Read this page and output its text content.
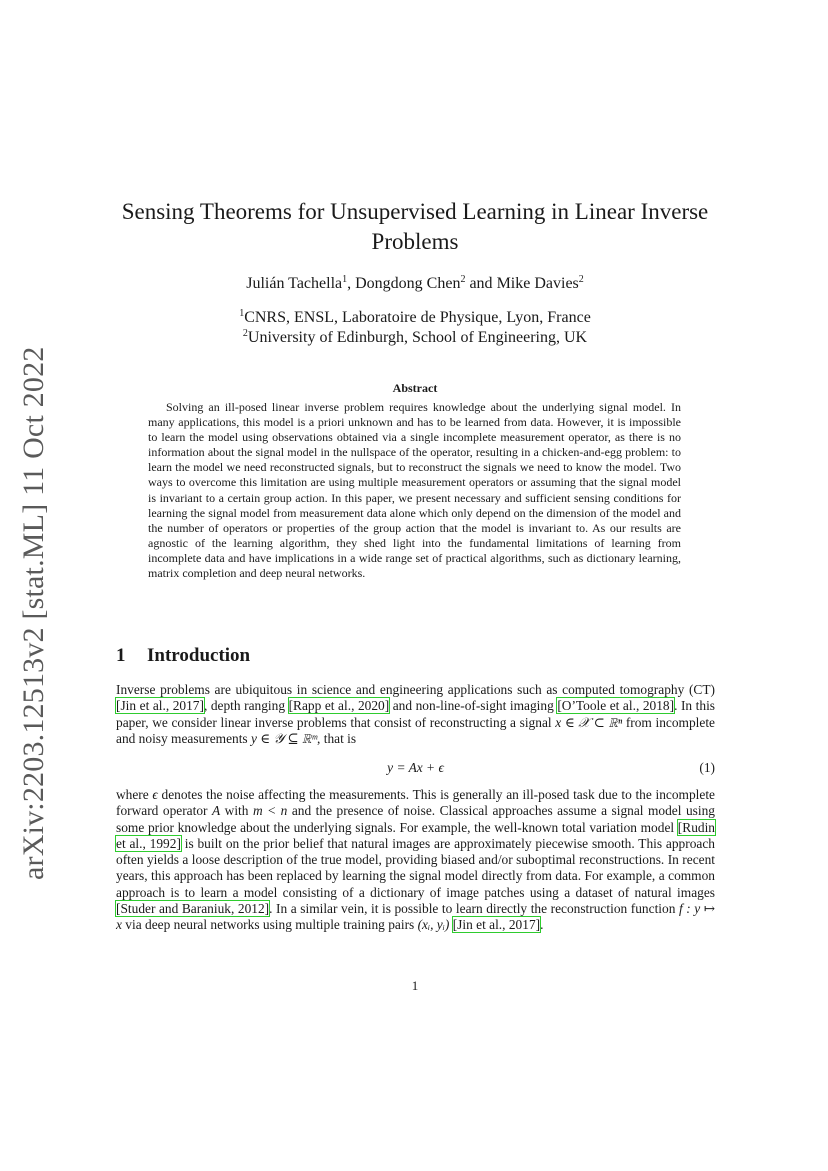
arXiv:2203.12513v2 [stat.ML] 11 Oct 2022
Sensing Theorems for Unsupervised Learning in Linear Inverse Problems
Julián Tachella$^1$, Dongdong Chen$^2$ and Mike Davies$^2$
$^1$CNRS, ENSL, Laboratoire de Physique, Lyon, France
$^2$University of Edinburgh, School of Engineering, UK
Abstract
Solving an ill-posed linear inverse problem requires knowledge about the underlying signal model. In many applications, this model is a priori unknown and has to be learned from data. However, it is impossible to learn the model using observations obtained via a single incomplete measurement operator, as there is no information about the signal model in the nullspace of the operator, resulting in a chicken-and-egg problem: to learn the model we need reconstructed signals, but to reconstruct the signals we need to know the model. Two ways to overcome this limitation are using multiple measurement operators or assuming that the signal model is invariant to a certain group action. In this paper, we present necessary and sufficient sensing conditions for learning the signal model from measurement data alone which only depend on the dimension of the model and the number of operators or properties of the group action that the model is invariant to. As our results are agnostic of the learning algorithm, they shed light into the fundamental limitations of learning from incomplete data and have implications in a wide range set of practical algorithms, such as dictionary learning, matrix completion and deep neural networks.
1 Introduction
Inverse problems are ubiquitous in science and engineering applications such as computed tomography (CT) [Jin et al., 2017], depth ranging [Rapp et al., 2020] and non-line-of-sight imaging [O’Toole et al., 2018]. In this paper, we consider linear inverse problems that consist of reconstructing a signal x ∈ 𝒳 ⊂ ℝⁿ from incomplete and noisy measurements y ∈ 𝒴 ⊆ ℝᵐ, that is
y = Ax + ϵ	(1)
where ϵ denotes the noise affecting the measurements. This is generally an ill-posed task due to the incomplete forward operator A with m < n and the presence of noise. Classical approaches assume a signal model using some prior knowledge about the underlying signals. For example, the well-known total variation model [Rudin et al., 1992] is built on the prior belief that natural images are approximately piecewise smooth. This approach often yields a loose description of the true model, providing biased and/or suboptimal reconstructions. In recent years, this approach has been replaced by learning the signal model directly from data. For example, a common approach is to learn a model consisting of a dictionary of image patches using a dataset of natural images [Studer and Baraniuk, 2012]. In a similar vein, it is possible to learn directly the reconstruction function f : y ↦ x via deep neural networks using multiple training pairs (xᵢ, yᵢ) [Jin et al., 2017].
1
